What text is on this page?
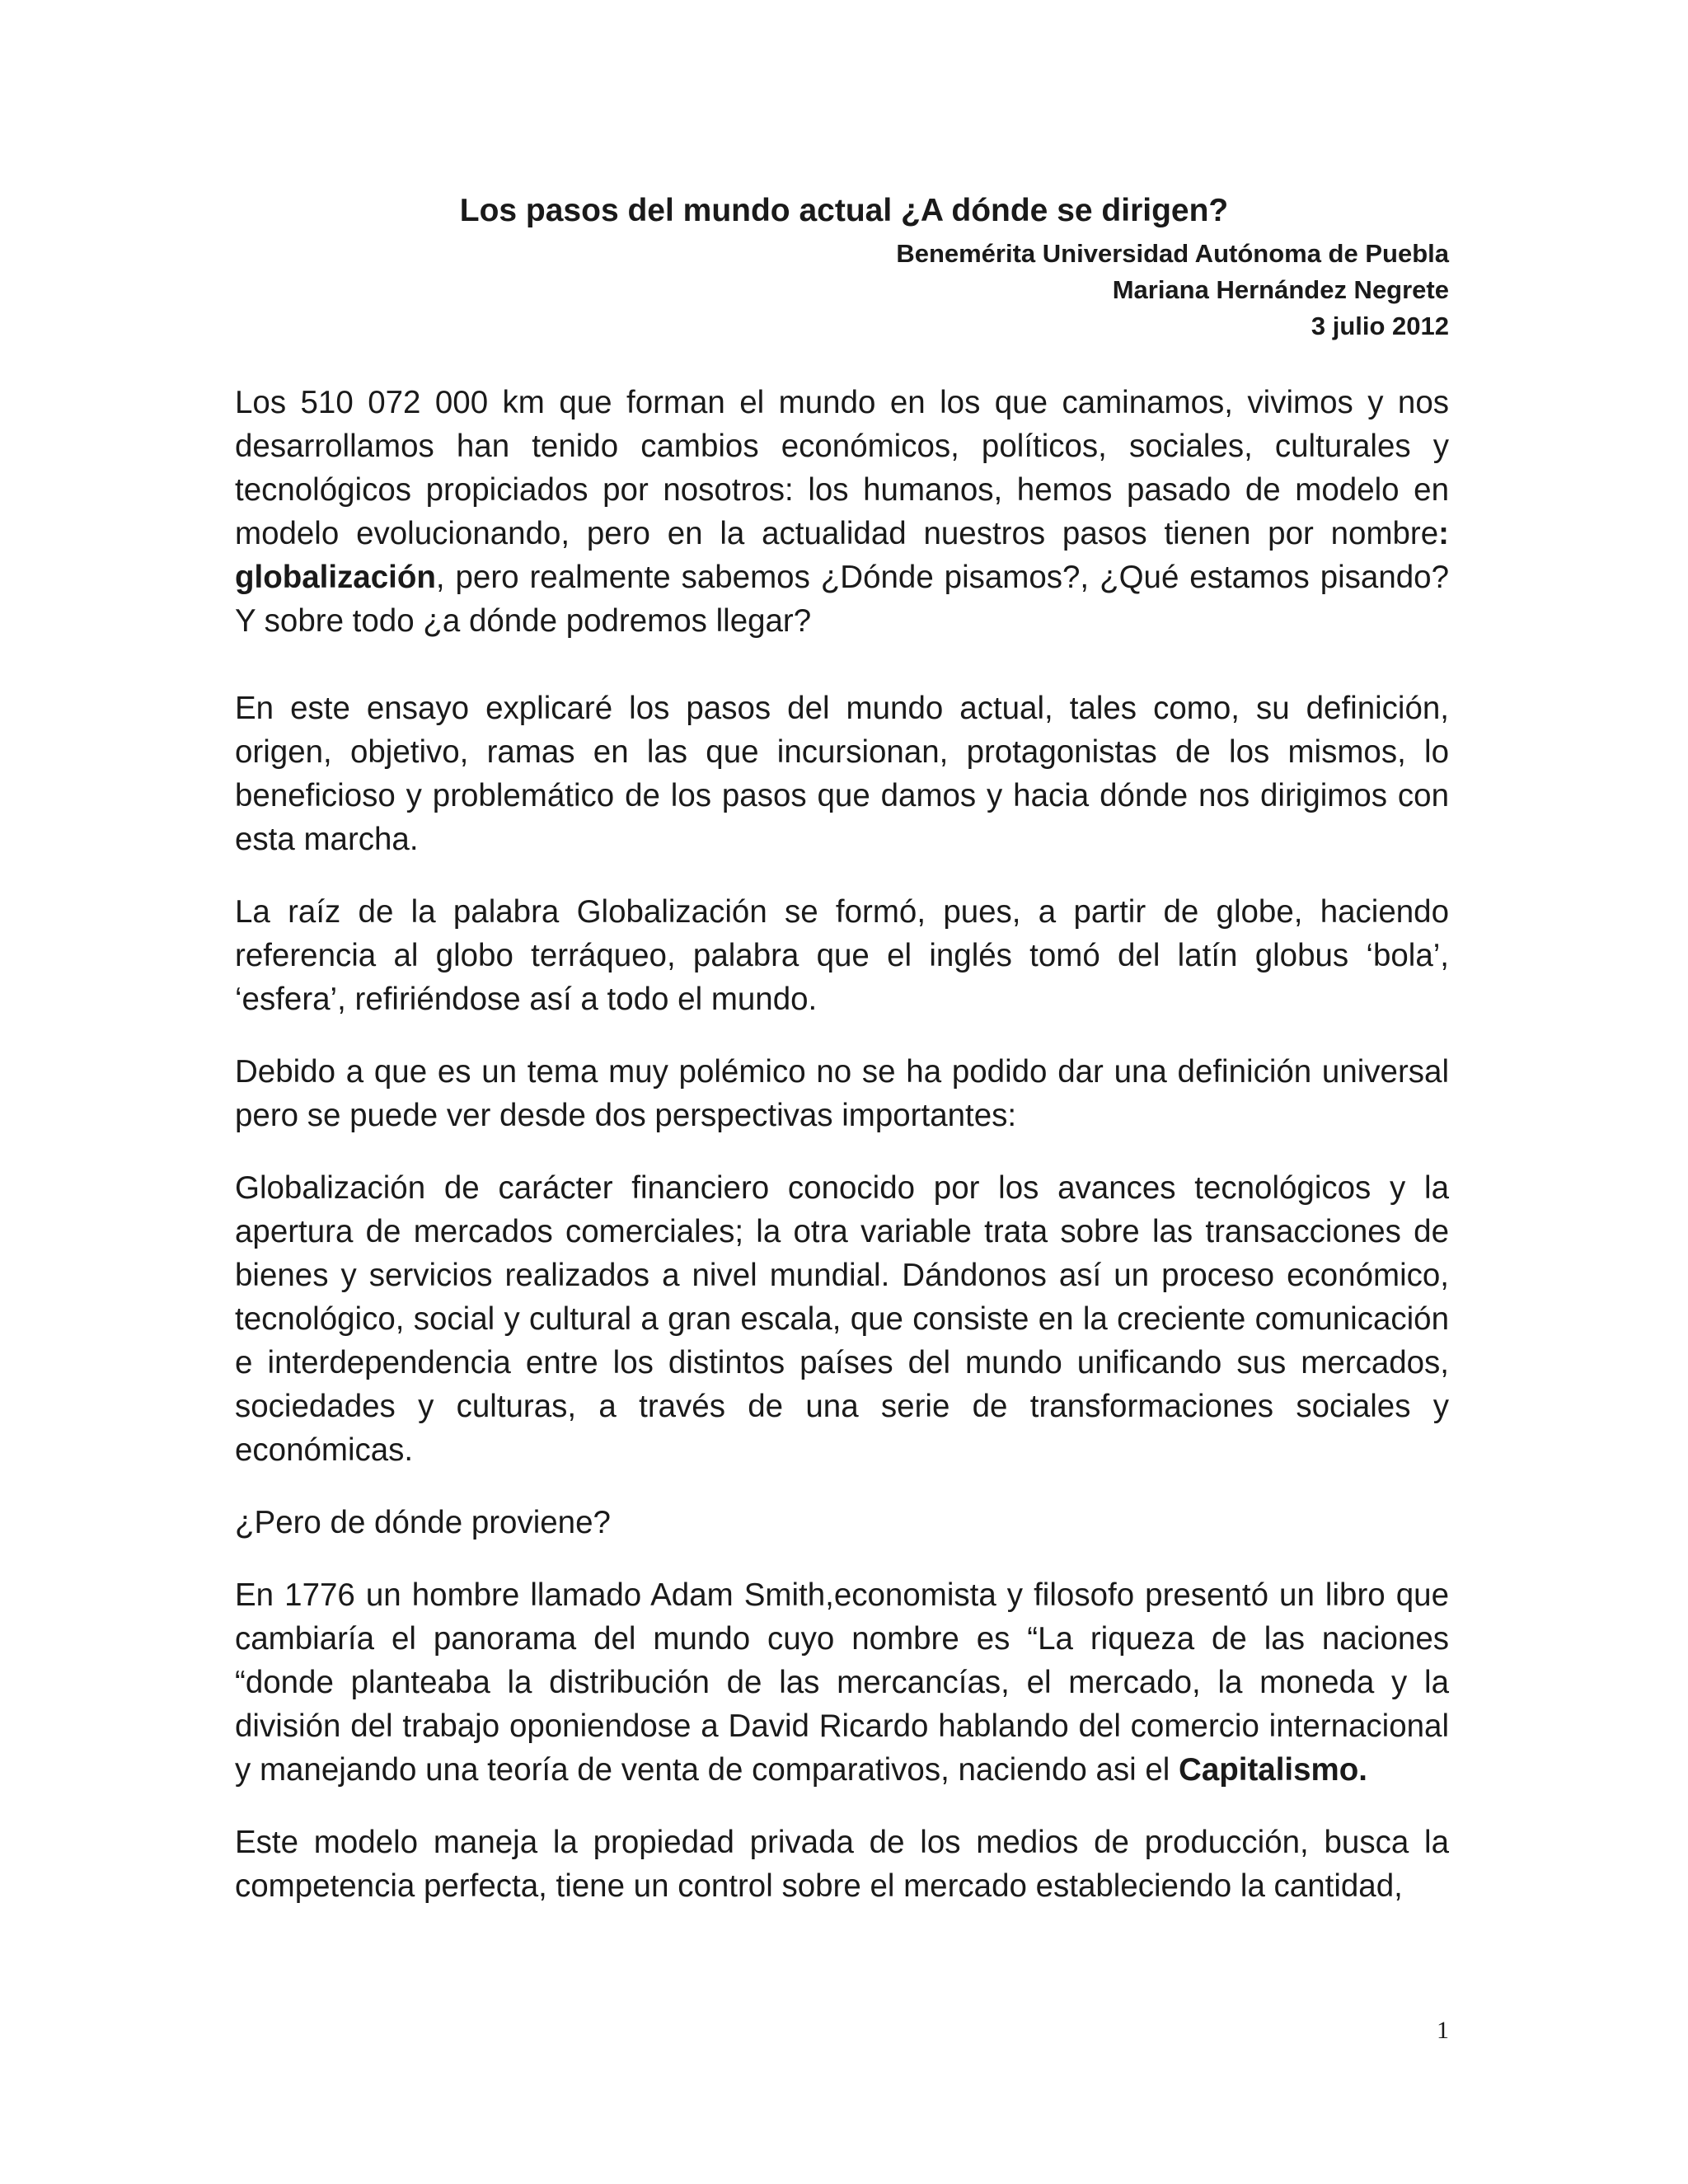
Los pasos del mundo actual ¿A dónde se dirigen?
Benemérita Universidad Autónoma de Puebla
Mariana Hernández Negrete
3 julio 2012

Los 510 072 000 km que forman el mundo en los que caminamos, vivimos y nos desarrollamos han tenido cambios económicos, políticos, sociales, culturales y tecnológicos propiciados por nosotros: los humanos, hemos pasado de modelo en modelo evolucionando, pero en la actualidad nuestros pasos tienen por nombre: globalización, pero realmente sabemos ¿Dónde pisamos?, ¿Qué estamos pisando? Y sobre todo ¿a dónde podremos llegar?

En este ensayo explicaré los pasos del mundo actual, tales como, su definición, origen, objetivo, ramas en las que incursionan, protagonistas de los mismos, lo beneficioso y problemático de los pasos que damos y hacia dónde nos dirigimos con esta marcha.

La raíz de la palabra Globalización se formó, pues, a partir de globe, haciendo referencia al globo terráqueo, palabra que el inglés tomó del latín globus ‘bola’, ‘esfera’, refiriéndose así a todo el mundo.

Debido a que es un tema muy polémico no se ha podido dar una definición universal pero se puede ver desde dos perspectivas importantes:

Globalización de carácter financiero conocido por los avances tecnológicos y la apertura de mercados comerciales; la otra variable trata sobre las transacciones de bienes y servicios realizados a nivel mundial. Dándonos así un proceso económico, tecnológico, social y cultural a gran escala, que consiste en la creciente comunicación e interdependencia entre los distintos países del mundo unificando sus mercados, sociedades y culturas, a través de una serie de transformaciones sociales y económicas.

¿Pero de dónde proviene?

En 1776 un hombre llamado Adam Smith,economista y filosofo presentó un libro que cambiaría el panorama del mundo cuyo nombre es “La riqueza de las naciones “donde planteaba la distribución de las mercancías, el mercado, la moneda y la división del trabajo oponiendose a David Ricardo hablando del comercio internacional y manejando una teoría de venta de comparativos, naciendo asi el Capitalismo.

Este modelo maneja la propiedad privada de los medios de producción, busca la competencia perfecta, tiene un control sobre el mercado estableciendo la cantidad,

1
